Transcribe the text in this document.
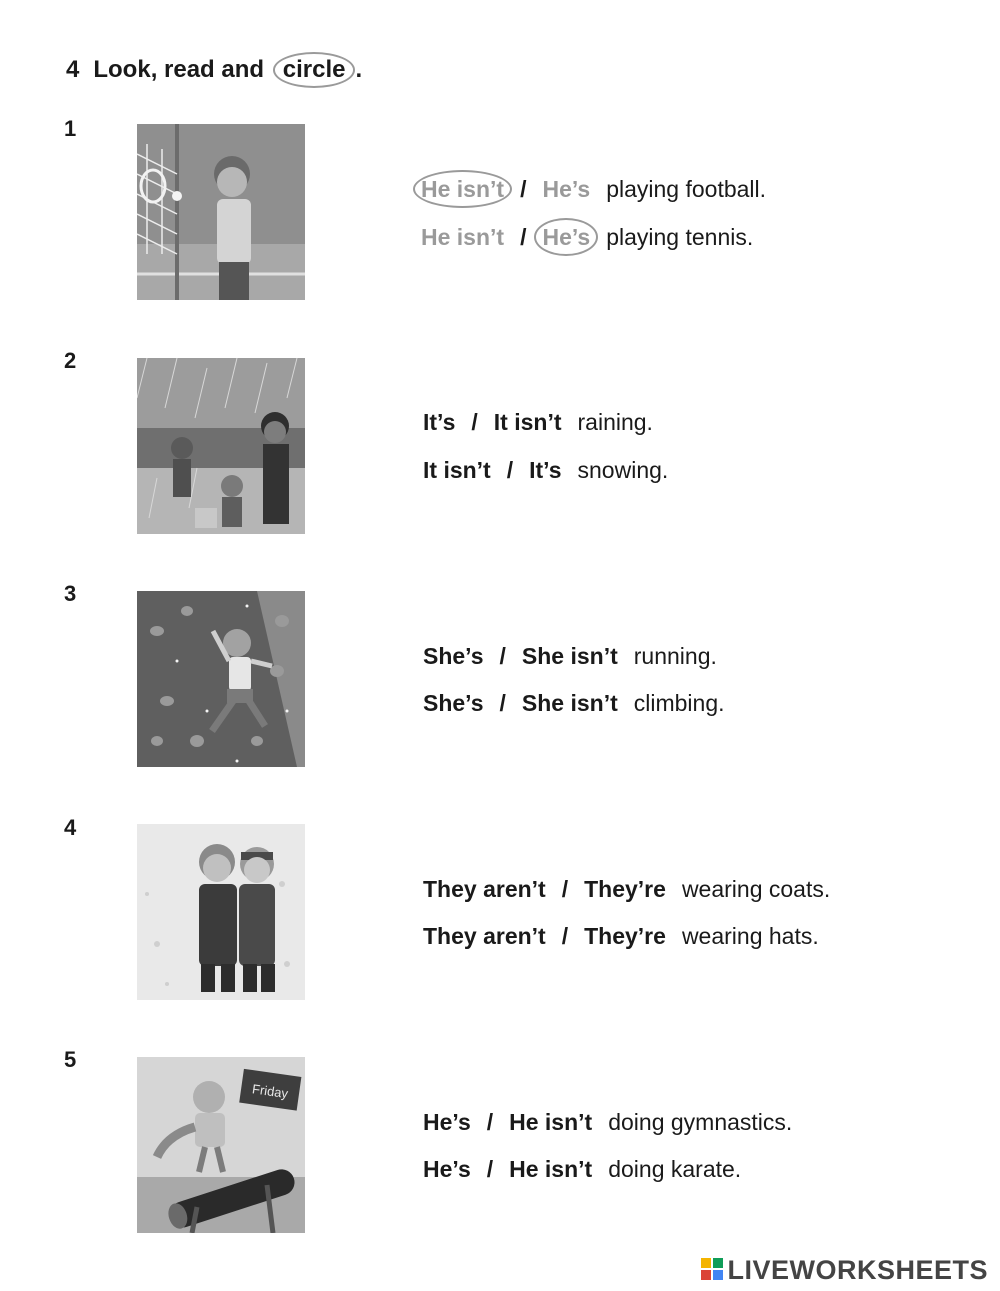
4 Look, read and circle .
1
He isn’t / He’s playing football.
He isn’t / He’s playing tennis.
2
It’s / It isn’t raining.
It isn’t / It’s snowing.
3
She’s / She isn’t running.
She’s / She isn’t climbing.
4
They aren’t / They’re wearing coats.
They aren’t / They’re wearing hats.
5
Friday
He’s / He isn’t doing gymnastics.
He’s / He isn’t doing karate.
LIVEWORKSHEETS
